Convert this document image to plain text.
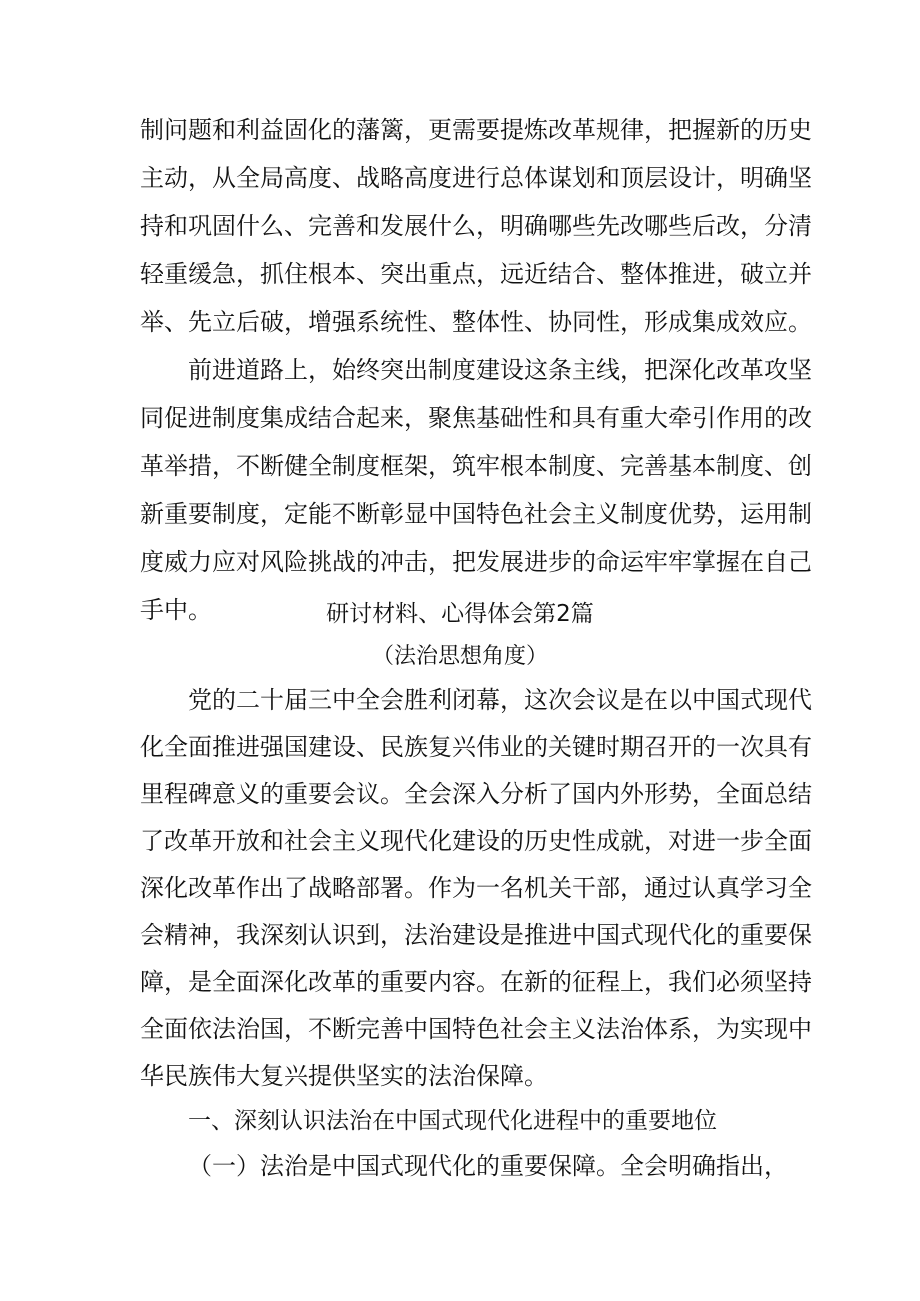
制问题和利益固化的藩篱，更需要提炼改革规律，把握新的历史
主动，从全局高度、战略高度进行总体谋划和顶层设计，明确坚
持和巩固什么、完善和发展什么，明确哪些先改哪些后改，分清
轻重缓急，抓住根本、突出重点，远近结合、整体推进，破立并
举、先立后破，增强系统性、整体性、协同性，形成集成效应。
前进道路上，始终突出制度建设这条主线，把深化改革攻坚
同促进制度集成结合起来，聚焦基础性和具有重大牵引作用的改
革举措，不断健全制度框架，筑牢根本制度、完善基本制度、创
新重要制度，定能不断彰显中国特色社会主义制度优势，运用制
度威力应对风险挑战的冲击，把发展进步的命运牢牢掌握在自己
手中。	研讨材料、心得体会第2篇
（法治思想角度）
党的二十届三中全会胜利闭幕，这次会议是在以中国式现代
化全面推进强国建设、民族复兴伟业的关键时期召开的一次具有
里程碑意义的重要会议。全会深入分析了国内外形势，全面总结
了改革开放和社会主义现代化建设的历史性成就，对进一步全面
深化改革作出了战略部署。作为一名机关干部，通过认真学习全
会精神，我深刻认识到，法治建设是推进中国式现代化的重要保
障，是全面深化改革的重要内容。在新的征程上，我们必须坚持
全面依法治国，不断完善中国特色社会主义法治体系，为实现中
华民族伟大复兴提供坚实的法治保障。
一、深刻认识法治在中国式现代化进程中的重要地位
（一）法治是中国式现代化的重要保障。全会明确指出，
